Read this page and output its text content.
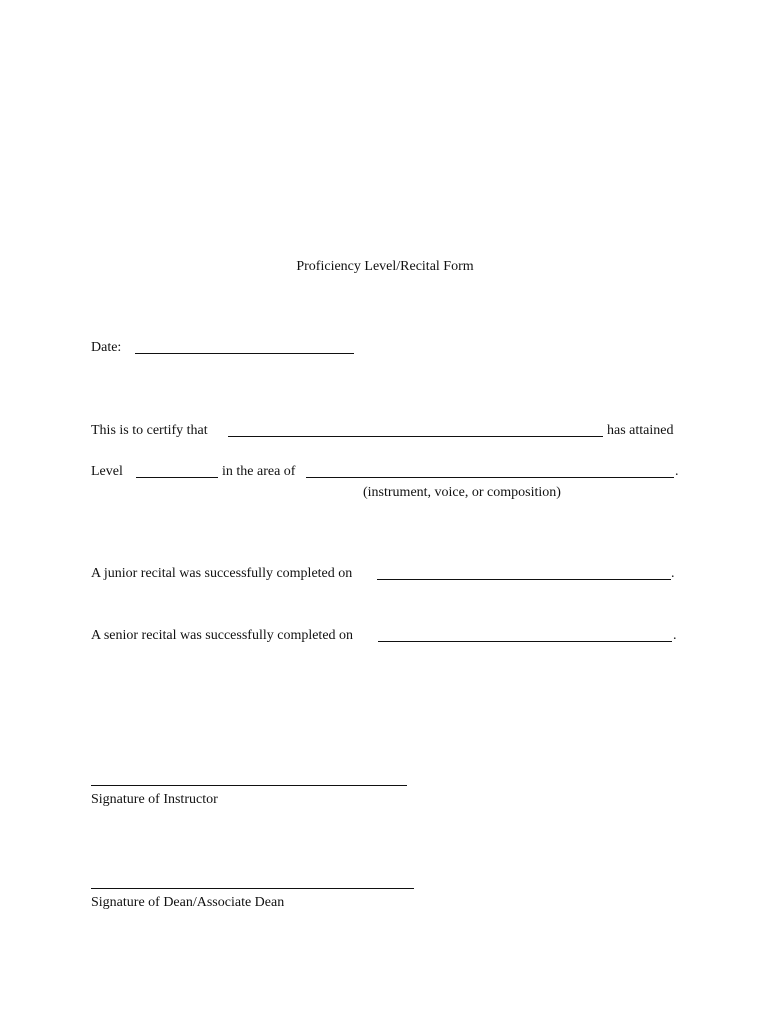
Proficiency Level/Recital Form
Date:
This is to certify that	has attained
Level	in the area of	.
(instrument, voice, or composition)
A junior recital was successfully completed on	.
A senior recital was successfully completed on	.
Signature of Instructor
Signature of Dean/Associate Dean
